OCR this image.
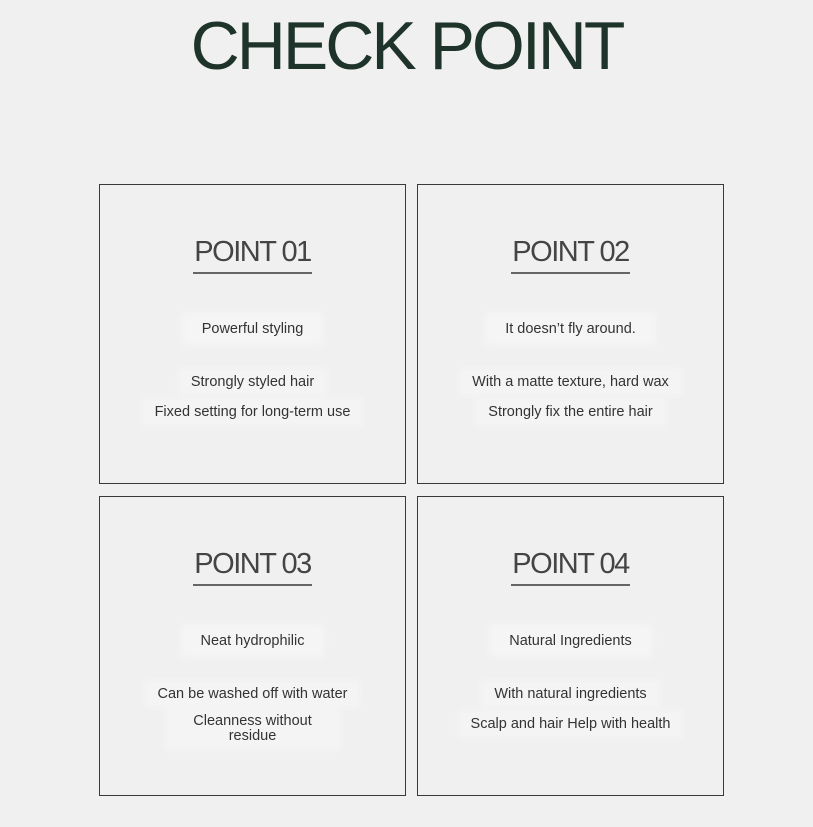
CHECK POINT
POINT 01
Powerful styling
Strongly styled hair
Fixed setting for long-term use
POINT 02
It doesn’t fly around.
With a matte texture, hard wax
Strongly fix the entire hair
POINT 03
Neat hydrophilic
Can be washed off with water
Cleanness without residue
POINT 04
Natural Ingredients
With natural ingredients
Scalp and hair Help with health
